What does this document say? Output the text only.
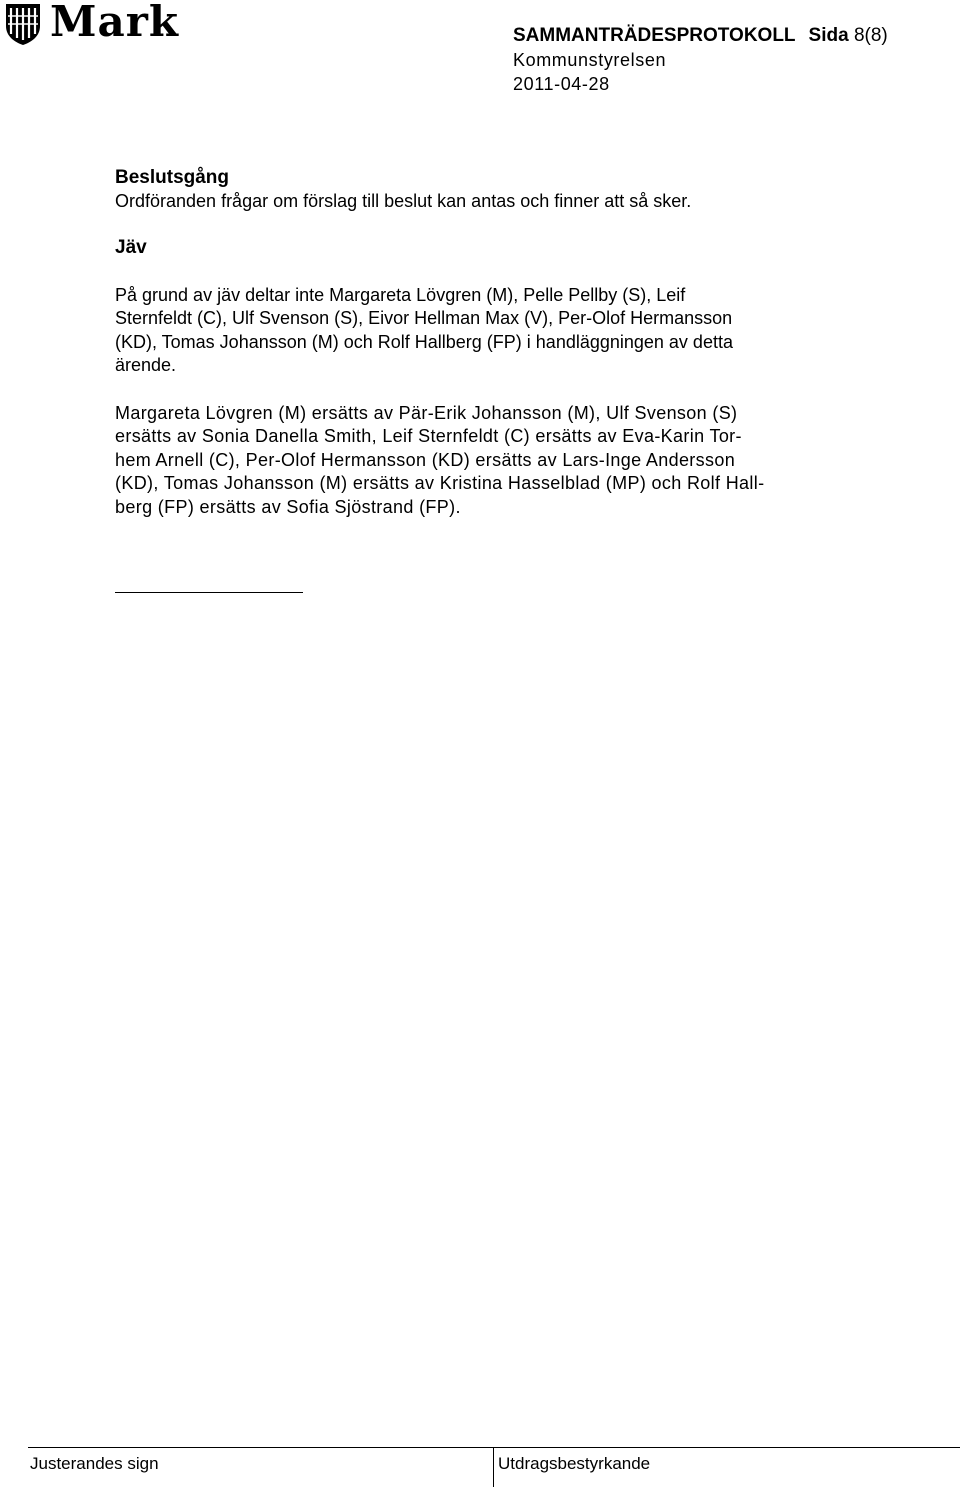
Mark	SAMMANTRÄDESPROTOKOLL Sida 8(8)
Kommunstyrelsen
2011-04-28
Beslutsgång
Ordföranden frågar om förslag till beslut kan antas och finner att så sker.
Jäv
På grund av jäv deltar inte Margareta Lövgren (M), Pelle Pellby (S), Leif
Sternfeldt (C), Ulf Svenson (S), Eivor Hellman Max (V), Per-Olof Hermansson
(KD), Tomas Johansson (M) och Rolf Hallberg (FP) i handläggningen av detta
ärende.
Margareta Lövgren (M) ersätts av Pär-Erik Johansson (M), Ulf Svenson (S)
ersätts av Sonia Danella Smith, Leif Sternfeldt (C) ersätts av Eva-Karin Tor-
hem Arnell (C), Per-Olof Hermansson (KD) ersätts av Lars-Inge Andersson
(KD), Tomas Johansson (M) ersätts av Kristina Hasselblad (MP) och Rolf Hall-
berg (FP) ersätts av Sofia Sjöstrand (FP).
Justerandes sign	Utdragsbestyrkande
